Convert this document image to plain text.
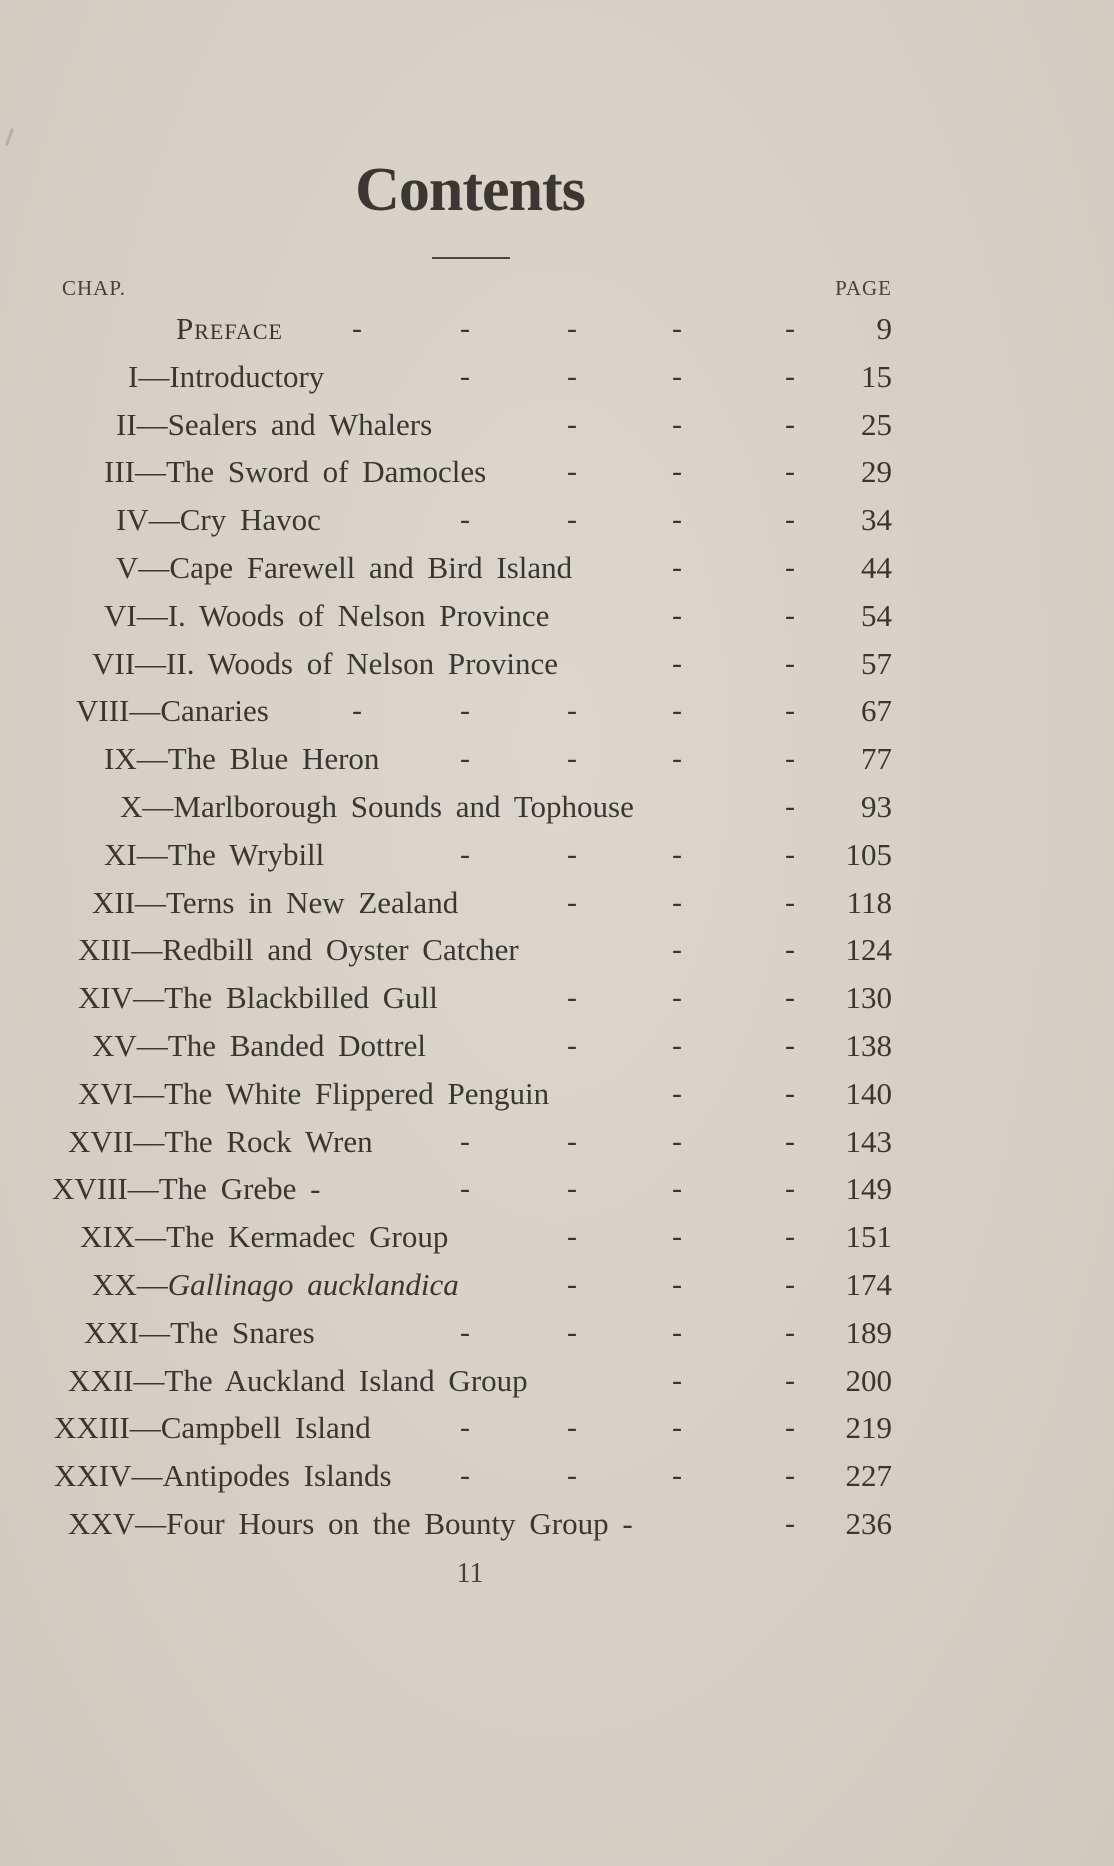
Contents
CHAP.	PAGE
Preface -	-	-	-	-	9
I—Introductory	-	-	-	- 15
II—Sealers and Whalers	-	-	- 25
III—The Sword of Damocles	-	-	- 29
IV—Cry Havoc	-	-	-	- 34
V—Cape Farewell and Bird Island	-	- 44
VI—I. Woods of Nelson Province	-	- 54
VII—II. Woods of Nelson Province	-	- 57
VIII—Canaries	-	-	-	-	- 67
IX—The Blue Heron	-	-	-	- 77
X—Marlborough Sounds and Tophouse	- 93
XI—The Wrybill	-	-	-	- 105
XII—Terns in New Zealand	-	-	- 118
XIII—Redbill and Oyster Catcher	-	- 124
XIV—The Blackbilled Gull	-	-	- 130
XV—The Banded Dottrel	-	-	- 138
XVI—The White Flippered Penguin	-	- 140
XVII—The Rock Wren	-	-	-	- 143
XVIII—The Grebe -	-	-	-	- 149
XIX—The Kermadec Group	-	-	- 151
XX—Gallinago aucklandica	-	-	- 174
XXI—The Snares	-	-	-	- 189
XXII—The Auckland Island Group	-	- 200
XXIII—Campbell Island	-	-	-	- 219
XXIV—Antipodes Islands -	-	-	- 227
XXV—Four Hours on the Bounty Group -	- 236
11
